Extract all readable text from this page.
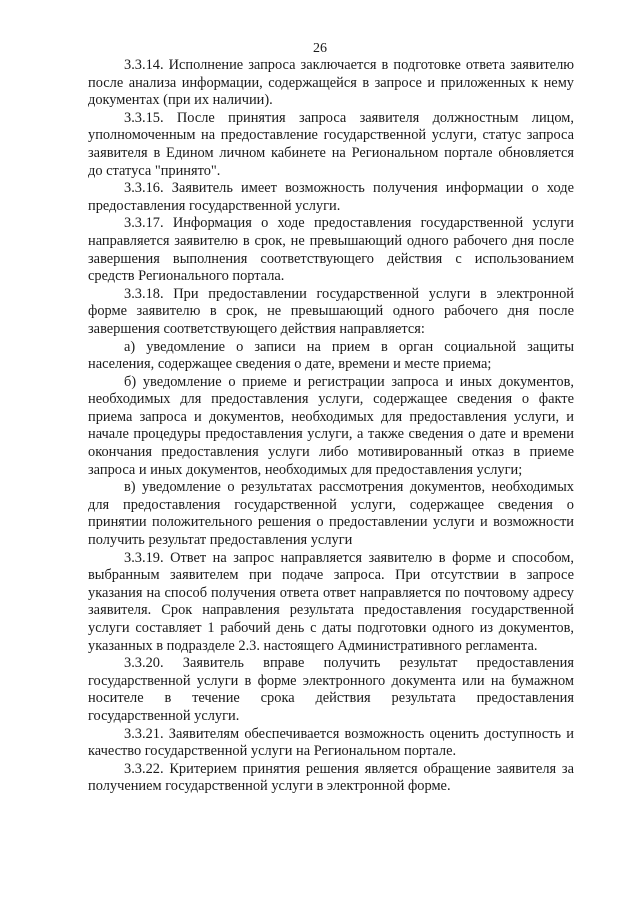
26

3.3.14. Исполнение запроса заключается в подготовке ответа заявителю после анализа информации, содержащейся в запросе и приложенных к нему документах (при их наличии).

3.3.15. После принятия запроса заявителя должностным лицом, уполномоченным на предоставление государственной услуги, статус запроса заявителя в Едином личном кабинете на Региональном портале обновляется до статуса "принято".

3.3.16. Заявитель имеет возможность получения информации о ходе предоставления государственной услуги.

3.3.17. Информация о ходе предоставления государственной услуги направляется заявителю в срок, не превышающий одного рабочего дня после завершения выполнения соответствующего действия с использованием средств Регионального портала.

3.3.18. При предоставлении государственной услуги в электронной форме заявителю в срок, не превышающий одного рабочего дня после завершения соответствующего действия направляется:

а) уведомление о записи на прием в орган социальной защиты населения, содержащее сведения о дате, времени и месте приема;

б) уведомление о приеме и регистрации запроса и иных документов, необходимых для предоставления услуги, содержащее сведения о факте приема запроса и документов, необходимых для предоставления услуги, и начале процедуры предоставления услуги, а также сведения о дате и времени окончания предоставления услуги либо мотивированный отказ в приеме запроса и иных документов, необходимых для предоставления услуги;

в) уведомление о результатах рассмотрения документов, необходимых для предоставления государственной услуги, содержащее сведения о принятии положительного решения о предоставлении услуги и возможности получить результат предоставления услуги

3.3.19. Ответ на запрос направляется заявителю в форме и способом, выбранным заявителем при подаче запроса. При отсутствии в запросе указания на способ получения ответа ответ направляется по почтовому адресу заявителя. Срок направления результата предоставления государственной услуги составляет 1 рабочий день с даты подготовки одного из документов, указанных в подразделе 2.3. настоящего Административного регламента.

3.3.20. Заявитель вправе получить результат предоставления государственной услуги в форме электронного документа или на бумажном носителе в течение срока действия результата предоставления государственной услуги.

3.3.21. Заявителям обеспечивается возможность оценить доступность и качество государственной услуги на Региональном портале.

3.3.22. Критерием принятия решения является обращение заявителя за получением государственной услуги в электронной форме.
